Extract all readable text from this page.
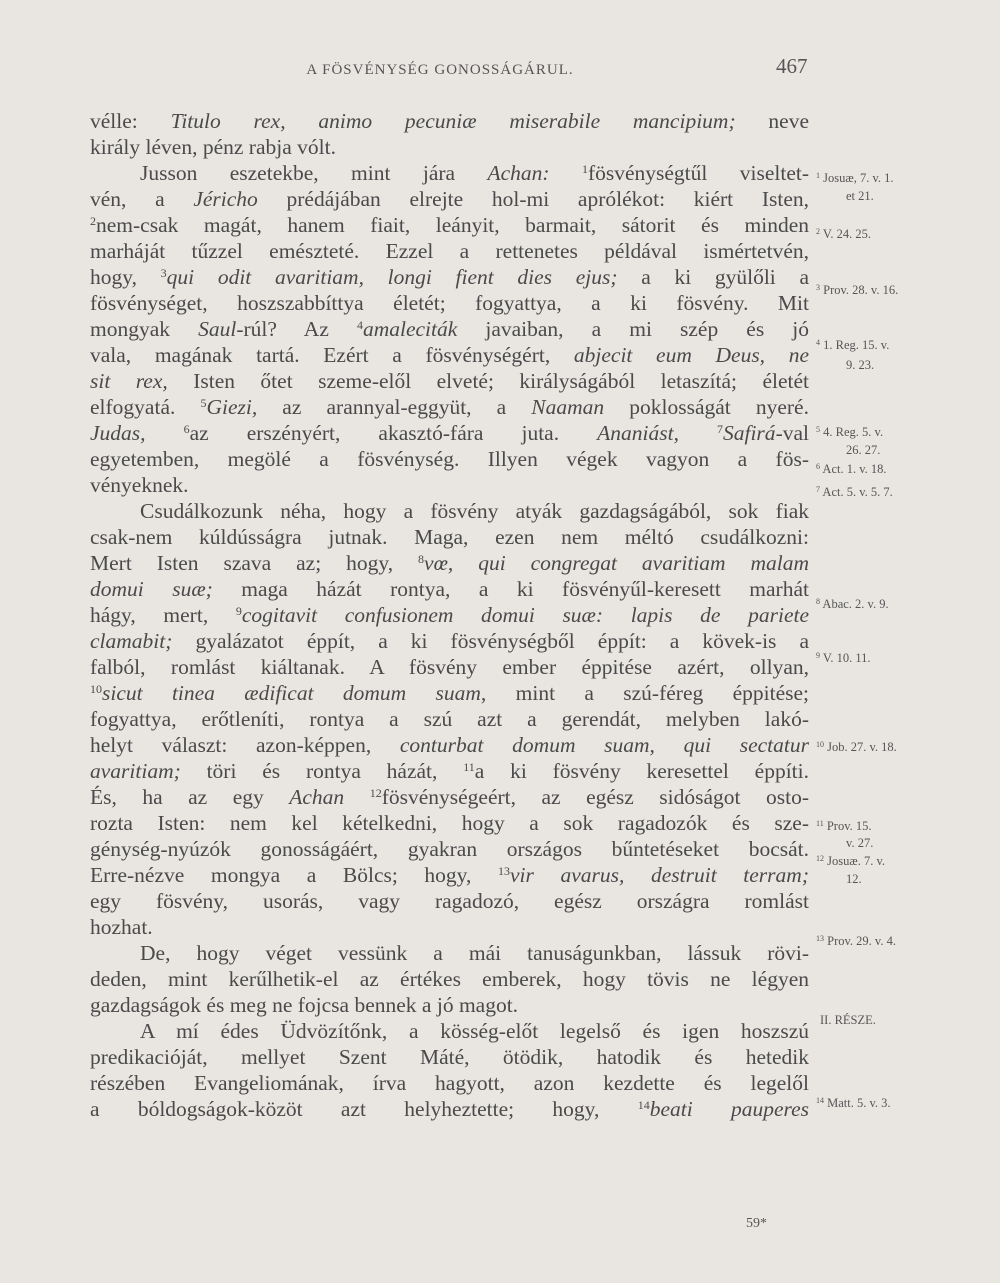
A FÖSVÉNYSÉG GONOSSÁGÁRUL.	467
vélle: Titulo rex, animo pecuniæ miserabile mancipium; neve
király léven, pénz rabja vólt.
Jusson eszetekbe, mint jára Achan:	$^1$fösvénységtűl viseltet-
vén, a Jéricho prédájában elrejte hol-mi aprólékot: kiért Isten,
$^2$nem-csak magát, hanem fiait, leányit, barmait, sátorit és minden
marháját tűzzel emészteté. Ezzel a rettenetes példával ismértetvén,
hogy, $^3$qui odit avaritiam, longi fient dies ejus; a ki gyülőli a
fösvénységet, hoszszabbíttya életét; fogyattya, a ki fösvény. Mit
mongyak Saul-rúl? Az $^4$amaleciták javaiban, a mi szép és jó
vala, magának tartá. Ezért a fösvénységért, abjecit eum Deus, ne
sit rex, Isten őtet szeme-elől elveté; királyságából letaszítá; életét
elfogyatá. $^5$Giezi, az arannyal-eggyüt, a Naaman poklosságát nyeré.
Judas,	$^6$az erszényért, akasztó-fára juta. Ananiást,	$^7$Safirá-val
egyetemben, megölé a fösvénység. Illyen végek vagyon a fös-
vényeknek.
Csudálkozunk néha, hogy a fösvény atyák gazdagságából, sok fiak
csak-nem kúldússágra jutnak. Maga, ezen nem méltó csudálkozni:
Mert Isten szava az; hogy, $^8$vœ, qui congregat avaritiam malam
domui suæ; maga házát rontya, a ki fösvényűl-keresett marhát
hágy, mert, $^9$cogitavit confusionem domui suæ: lapis de pariete
clamabit; gyalázatot éppít, a ki fösvénységből éppít: a kövek-is a
falból, romlást kiáltanak. A fösvény ember éppitése azért, ollyan,
$^{10}$sicut tinea ædificat domum suam, mint a szú-féreg éppitése;
fogyattya, erőtleníti, rontya a szú azt a gerendát, melyben lakó-
helyt választ: azon-képpen, conturbat domum suam, qui sectatur
avaritiam; töri és rontya házát, $^{11}$a ki fösvény keresettel éppíti.
És, ha az egy Achan $^{12}$fösvénységeért, az egész sidóságot osto-
rozta Isten: nem kel kételkedni, hogy a sok ragadozók és sze-
génység-nyúzók gonosságáért, gyakran országos bűntetéseket bocsát.
Erre-nézve mongya a Bölcs; hogy, $^{13}$vir avarus, destruit terram;
egy fösvény, usorás, vagy ragadozó, egész országra romlást
hozhat.
De, hogy véget vessünk a mái tanuságunkban, lássuk rövi-
deden, mint kerűlhetik-el az értékes emberek, hogy tövis ne légyen
gazdagságok és meg ne fojcsa bennek a jó magot.
A mí édes Üdvözítőnk, a kösség-előt legelső és igen hoszszú
predikacióját, mellyet Szent Máté, ötödik, hatodik és hetedik
részében Evangeliomának, írva hagyott, azon kezdette és legelől
a bóldogságok-közöt azt helyheztette; hogy, $^{14}$beati pauperes
$^1$ Josuæ, 7. v. 1.
et 21.
$^2$ V. 24. 25.
$^3$ Prov. 28. v. 16.
$^4$ 1. Reg. 15. v.
9. 23.
$^5$ 4. Reg. 5. v.
26. 27.
$^6$ Act. 1. v. 18.
$^7$ Act. 5. v. 5. 7.
$^8$ Abac. 2. v. 9.
$^9$ V. 10. 11.
$^{10}$ Job. 27. v. 18.
$^{11}$ Prov. 15.
v. 27.
$^{12}$ Josuæ. 7. v.
12.
$^{13}$ Prov. 29. v. 4.
II. RÉSZE.
$^{14}$ Matt. 5. v. 3.
59*
